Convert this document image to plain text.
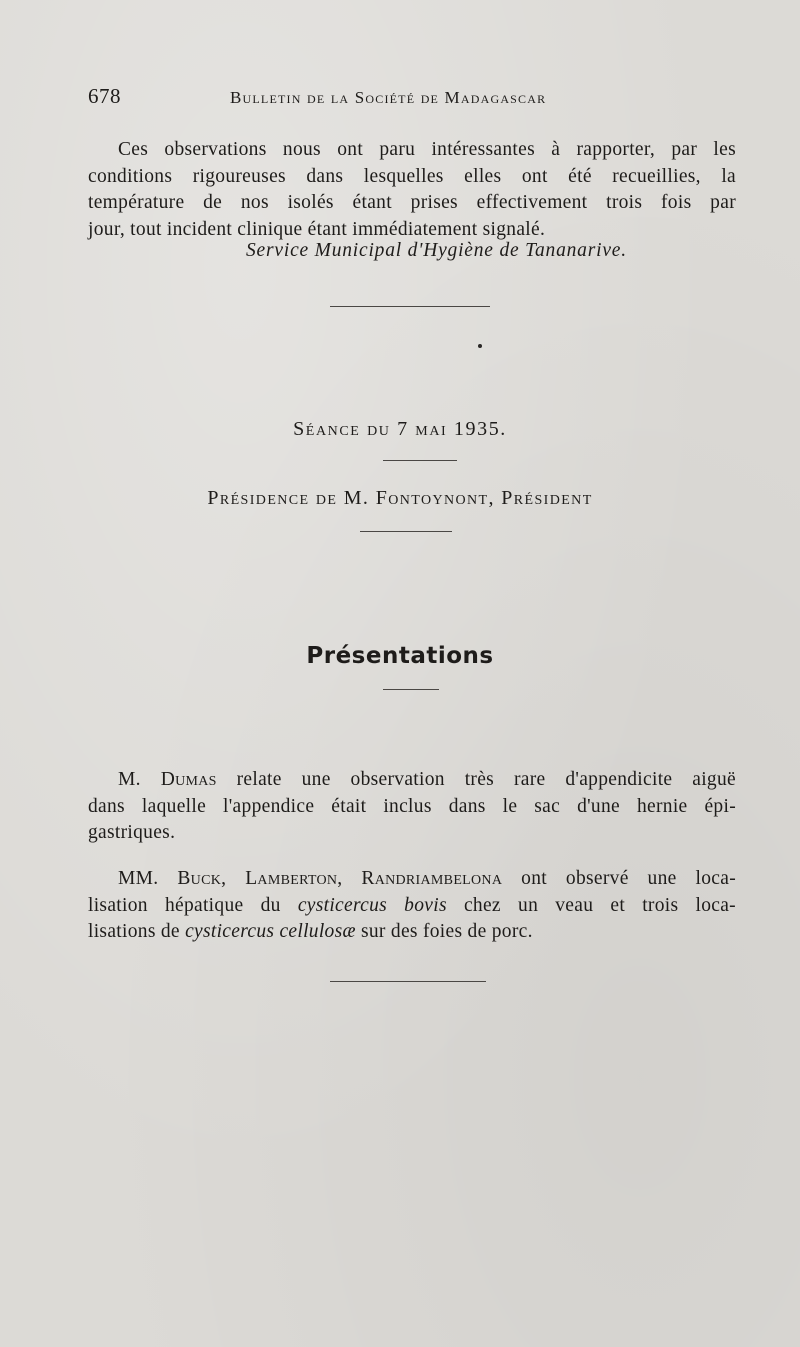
678	Bulletin de la Société de Madagascar

Ces observations nous ont paru intéressantes à rapporter, par les
conditions rigoureuses dans lesquelles elles ont été recueillies, la
température de nos isolés étant prises effectivement trois fois par
jour, tout incident clinique étant immédiatement signalé.

Service Municipal d'Hygiène de Tananarive.
Séance du 7 mai 1935.
Présidence de M. Fontoynont, Président
Présentations

M. Dumas relate une observation très rare d'appendicite aiguë
dans laquelle l'appendice était inclus dans le sac d'une hernie épi-
gastriques.

MM. Buck, Lamberton, Randriambelona ont observé une loca-
lisation hépatique du cysticercus bovis chez un veau et trois loca-
lisations de cysticercus cellulosæ sur des foies de porc.
